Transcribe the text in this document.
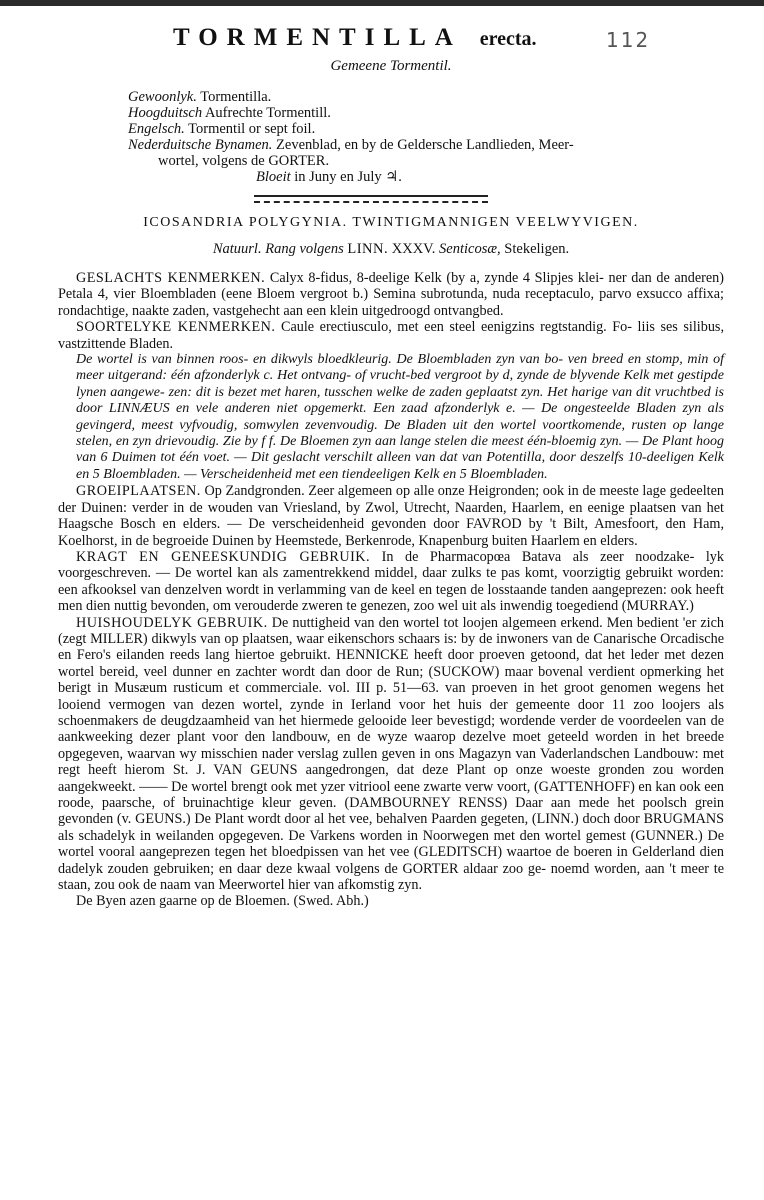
TORMENTILLA erecta.	112
Gemeene Tormentil.
Gewoonlyk. Tormentilla.
Hoogduitsch Aufrechte Tormentill.
Engelsch. Tormentil or sept foil.
Nederduitsche Bynamen. Zevenblad, en by de Geldersche Landlieden, Meer-
wortel, volgens de GORTER.
Bloeit in Juny en July ♃.
ICOSANDRIA POLYGYNIA. TWINTIGMANNIGEN VEELWYVIGEN.
Natuurl. Rang volgens LINN. XXXV. Senticosæ, Stekeligen.

GESLACHTS KENMERKEN. Calyx 8-fidus, 8-deelige Kelk (by a, zynde 4 Slipjes klei- ner dan de anderen) Petala 4, vier Bloembladen (eene Bloem vergroot b.) Semina subrotunda, nuda receptaculo, parvo exsucco affixa; rondachtige, naakte zaden, vastgehecht aan een klein uitgedroogd ontvangbed.

SOORTELYKE KENMERKEN. Caule erectiusculo, met een steel eenigzins regtstandig. Fo- liis ses silibus, vastzittende Bladen.

De wortel is van binnen roos- en dikwyls bloedkleurig. De Bloembladen zyn van bo- ven breed en stomp, min of meer uitgerand: één afzonderlyk c. Het ontvang- of vrucht-bed vergroot by d, zynde de blyvende Kelk met gestipde lynen aangewe- zen: dit is bezet met haren, tusschen welke de zaden geplaatst zyn. Het harige van dit vruchtbed is door LINNÆUS en vele anderen niet opgemerkt. Een zaad afzonderlyk e. — De ongesteelde Bladen zyn als gevingerd, meest vyfvoudig, somwylen zevenvoudig. De Bladen uit den wortel voortkomende, rusten op lange stelen, en zyn drievoudig. Zie by f f. De Bloemen zyn aan lange stelen die meest één-bloemig zyn. — De Plant hoog van 6 Duimen tot één voet. — Dit geslacht verschilt alleen van dat van Potentilla, door deszelfs 10-deeligen Kelk en 5 Bloembladen. — Verscheidenheid met een tiendeeligen Kelk en 5 Bloembladen.

GROEIPLAATSEN. Op Zandgronden. Zeer algemeen op alle onze Heigronden; ook in de meeste lage gedeelten der Duinen: verder in de wouden van Vriesland, by Zwol, Utrecht, Naarden, Haarlem, en eenige plaatsen van het Haagsche Bosch en elders. — De verscheidenheid gevonden door FAVROD by 't Bilt, Amesfoort, den Ham, Koelhorst, in de begroeide Duinen by Heemstede, Berkenrode, Knapenburg buiten Haarlem en elders.

KRAGT EN GENEESKUNDIG GEBRUIK. In de Pharmacopœa Batava als zeer noodzake- lyk voorgeschreven. — De wortel kan als zamentrekkend middel, daar zulks te pas komt, voorzigtig gebruikt worden: een afkooksel van denzelven wordt in verlamming van de keel en tegen de losstaande tanden aangeprezen: ook heeft men dien nuttig bevonden, om verouderde zweren te genezen, zoo wel uit als inwendig toegediend (MURRAY.)

HUISHOUDELYK GEBRUIK. De nuttigheid van den wortel tot loojen algemeen erkend. Men bedient 'er zich (zegt MILLER) dikwyls van op plaatsen, waar eikenschors schaars is: by de inwoners van de Canarische Orcadische en Fero's eilanden reeds lang hiertoe gebruikt. HENNICKE heeft door proeven getoond, dat het leder met dezen wortel bereid, veel dunner en zachter wordt dan door de Run; (SUCKOW) maar bovenal verdient opmerking het berigt in Musæum rusticum et commerciale. vol. III p. 51—63. van proeven in het groot genomen wegens het looiend vermogen van dezen wortel, zynde in Ierland voor het huis der gemeente door 11 zoo loojers als schoenmakers de deugdzaamheid van het hiermede gelooide leer bevestigd; wordende verder de voordeelen van de aankweeking dezer plant voor den landbouw, en de wyze waarop dezelve moet geteeld worden in het breede opgegeven, waarvan wy misschien nader verslag zullen geven in ons Magazyn van Vaderlandschen Landbouw: met regt heeft hierom St. J. VAN GEUNS aangedrongen, dat deze Plant op onze woeste gronden zou worden aangekweekt. —— De wortel brengt ook met yzer vitriool eene zwarte verw voort, (GATTENHOFF) en kan ook een roode, paarsche, of bruinachtige kleur geven. (DAMBOURNEY RENSS) Daar aan mede het poolsch grein gevonden (v. GEUNS.) De Plant wordt door al het vee, behalven Paarden gegeten, (LINN.) doch door BRUGMANS als schadelyk in weilanden opgegeven. De Varkens worden in Noorwegen met den wortel gemest (GUNNER.) De wortel vooral aangeprezen tegen het bloedpissen van het vee (GLEDITSCH) waartoe de boeren in Gelderland dien dadelyk zouden gebruiken; en daar deze kwaal volgens de GORTER aldaar zoo ge- noemd worden, aan 't meer te staan, zou ook de naam van Meerwortel hier van afkomstig zyn.

De Byen azen gaarne op de Bloemen. (Swed. Abh.)
